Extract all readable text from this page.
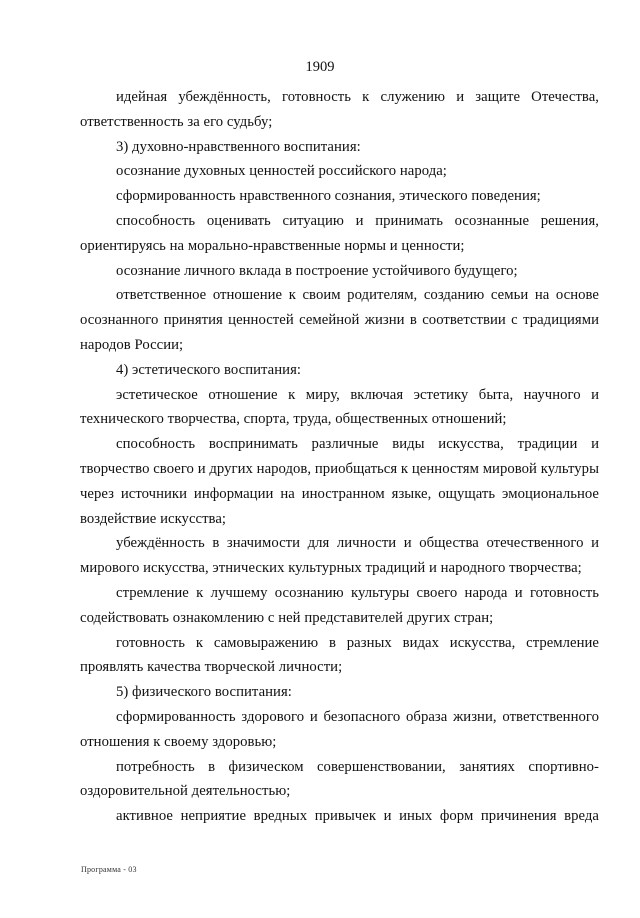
1909

идейная убеждённость, готовность к служению и защите Отечества, ответственность за его судьбу;

3) духовно-нравственного воспитания:

осознание духовных ценностей российского народа;

сформированность нравственного сознания, этического поведения;

способность оценивать ситуацию и принимать осознанные решения, ориентируясь на морально-нравственные нормы и ценности;

осознание личного вклада в построение устойчивого будущего;

ответственное отношение к своим родителям, созданию семьи на основе осознанного принятия ценностей семейной жизни в соответствии с традициями народов России;

4) эстетического воспитания:

эстетическое отношение к миру, включая эстетику быта, научного и технического творчества, спорта, труда, общественных отношений;

способность воспринимать различные виды искусства, традиции и творчество своего и других народов, приобщаться к ценностям мировой культуры через источники информации на иностранном языке, ощущать эмоциональное воздействие искусства;

убеждённость в значимости для личности и общества отечественного и мирового искусства, этнических культурных традиций и народного творчества;

стремление к лучшему осознанию культуры своего народа и готовность содействовать ознакомлению с ней представителей других стран;

готовность к самовыражению в разных видах искусства, стремление проявлять качества творческой личности;

5) физического воспитания:

сформированность здорового и безопасного образа жизни, ответственного отношения к своему здоровью;

потребность в физическом совершенствовании, занятиях спортивно-оздоровительной деятельностью;

активное неприятие вредных привычек и иных форм причинения вреда

Программа - 03
